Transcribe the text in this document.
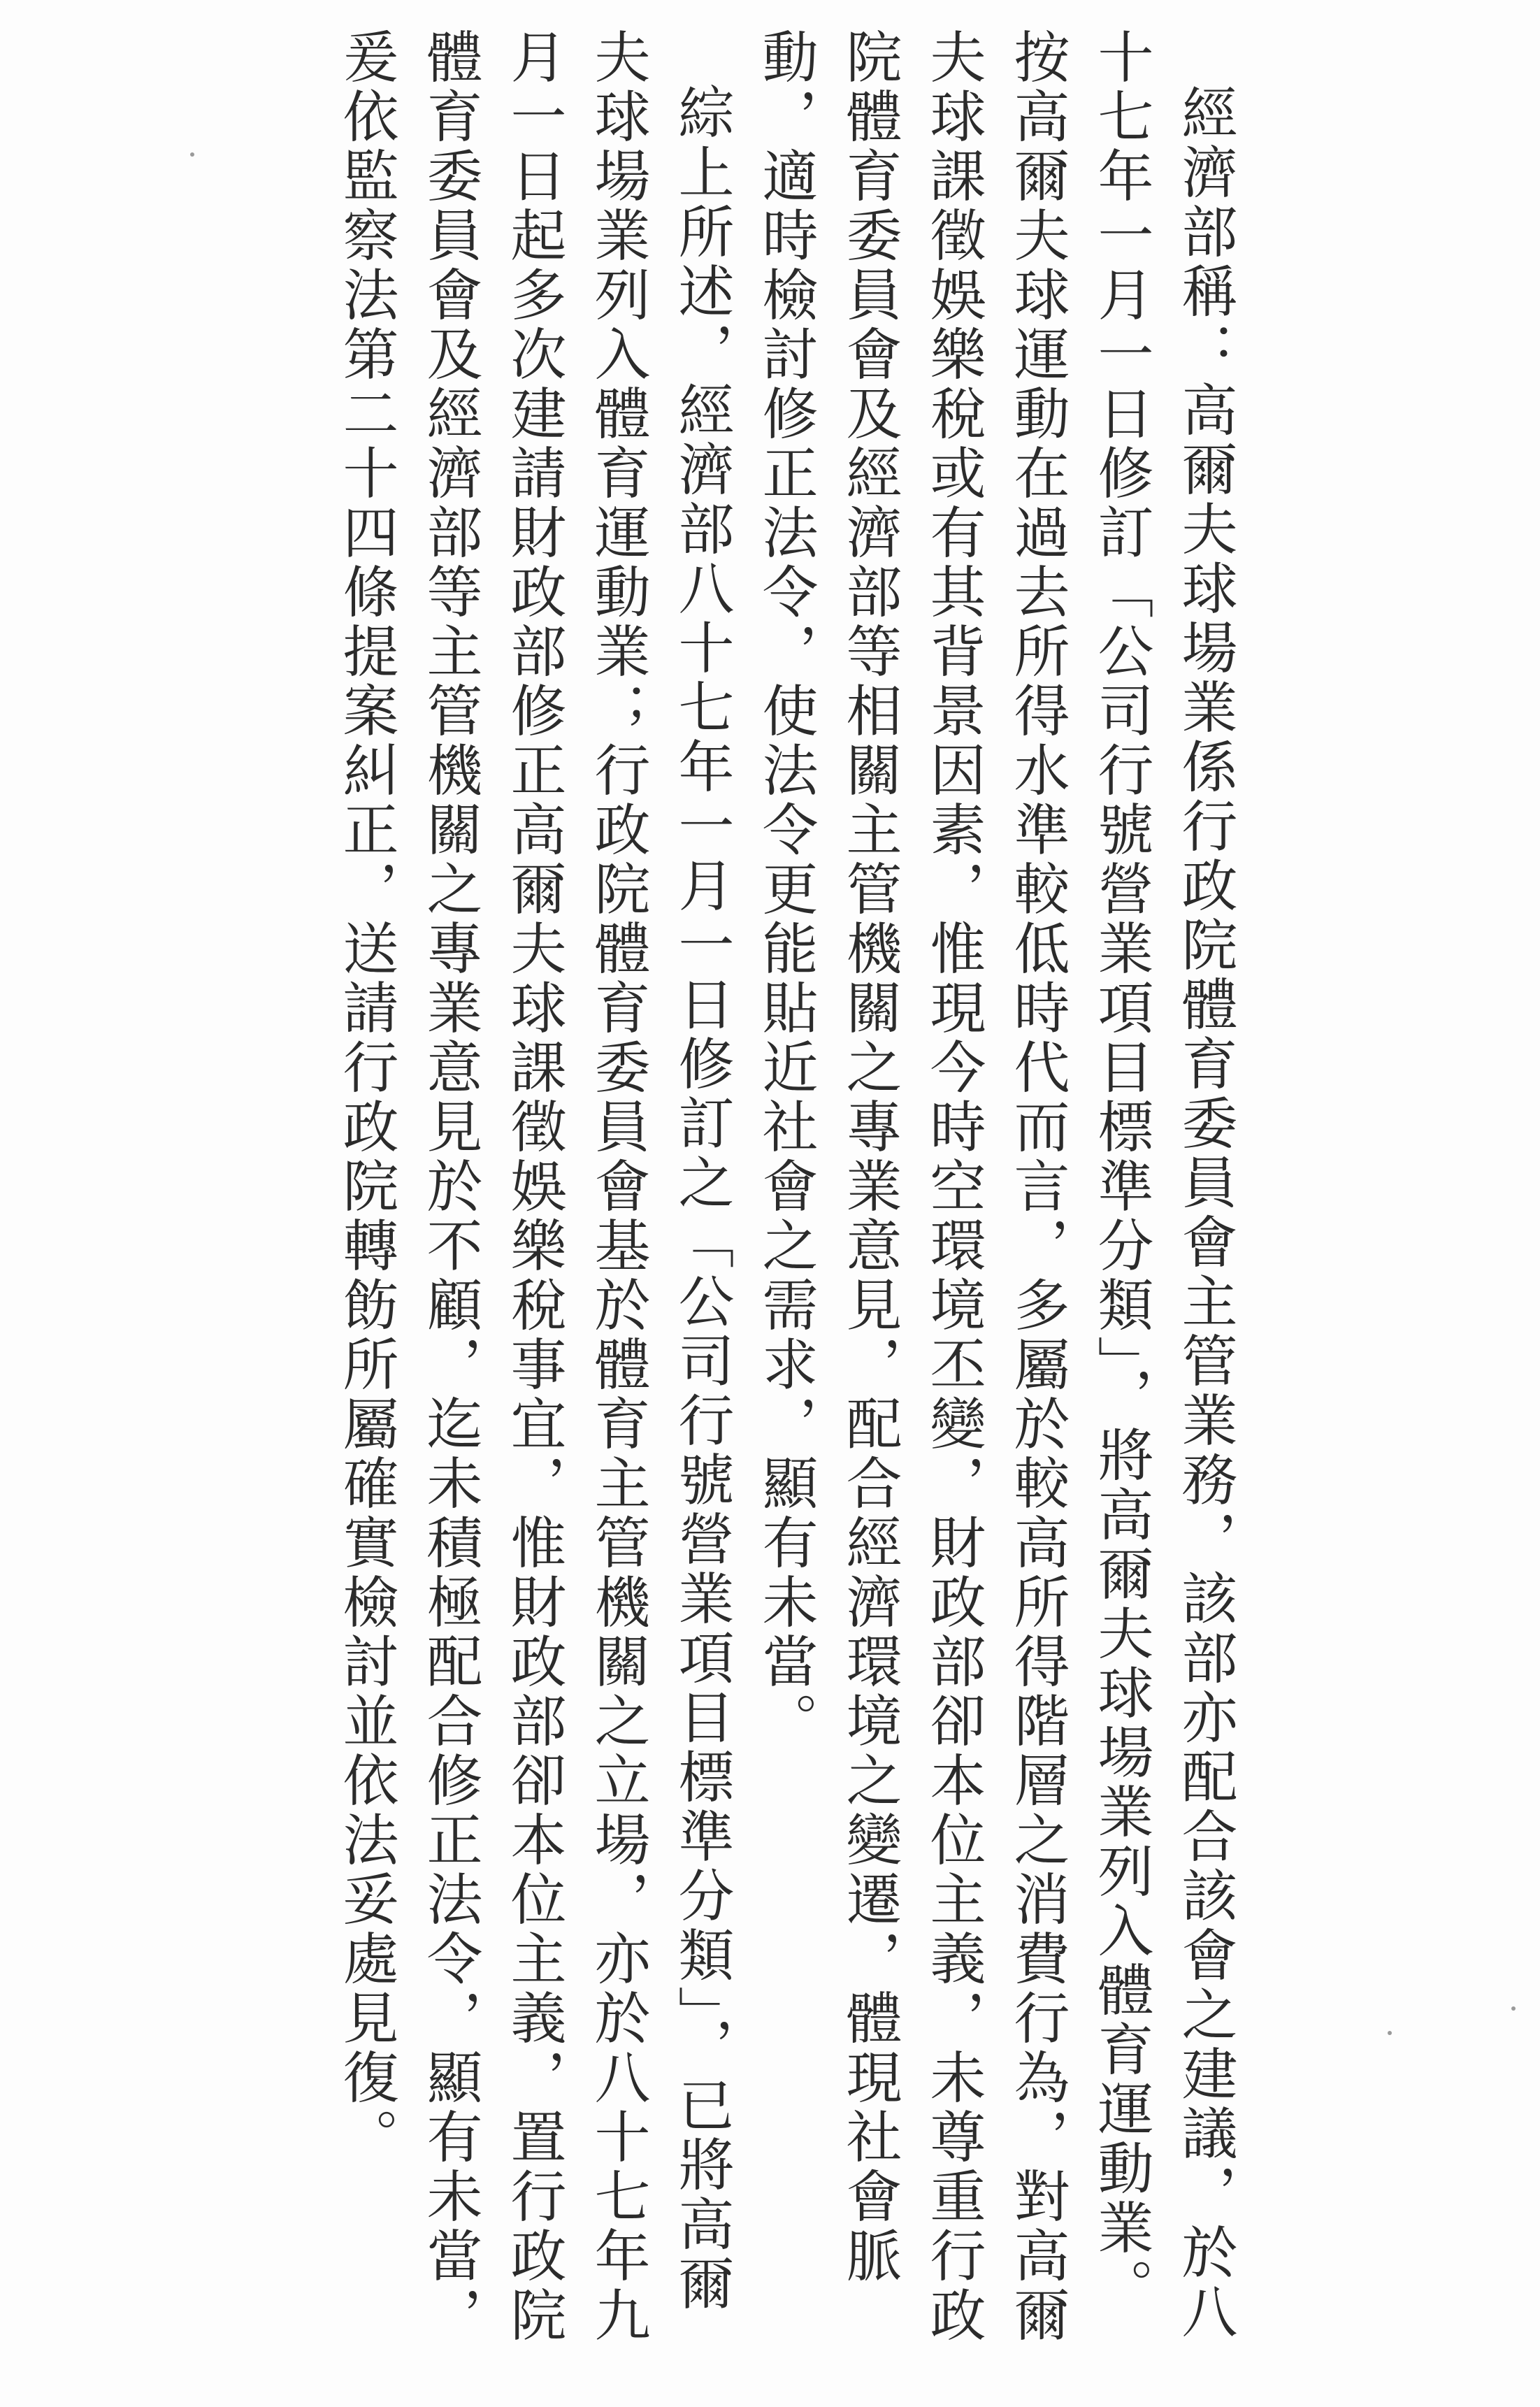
經濟部稱：高爾夫球場業係行政院體育委員會主管業務，該部亦配合該會之建議，於八十七年一月一日修訂「公司行號營業項目標準分類」，將高爾夫球場業列入體育運動業。按高爾夫球運動在過去所得水準較低時代而言，多屬於較高所得階層之消費行為，對高爾夫球課徵娛樂稅或有其背景因素，惟現今時空環境丕變，財政部卻本位主義，未尊重行政院體育委員會及經濟部等相關主管機關之專業意見，配合經濟環境之變遷，體現社會脈動，適時檢討修正法令，使法令更能貼近社會之需求，顯有未當。

綜上所述，經濟部八十七年一月一日修訂之「公司行號營業項目標準分類」，已將高爾夫球場業列入體育運動業；行政院體育委員會基於體育主管機關之立場，亦於八十七年九月一日起多次建請財政部修正高爾夫球課徵娛樂稅事宜，惟財政部卻本位主義，置行政院體育委員會及經濟部等主管機關之專業意見於不顧，迄未積極配合修正法令，顯有未當，爰依監察法第二十四條提案糾正，送請行政院轉飭所屬確實檢討並依法妥處見復。
